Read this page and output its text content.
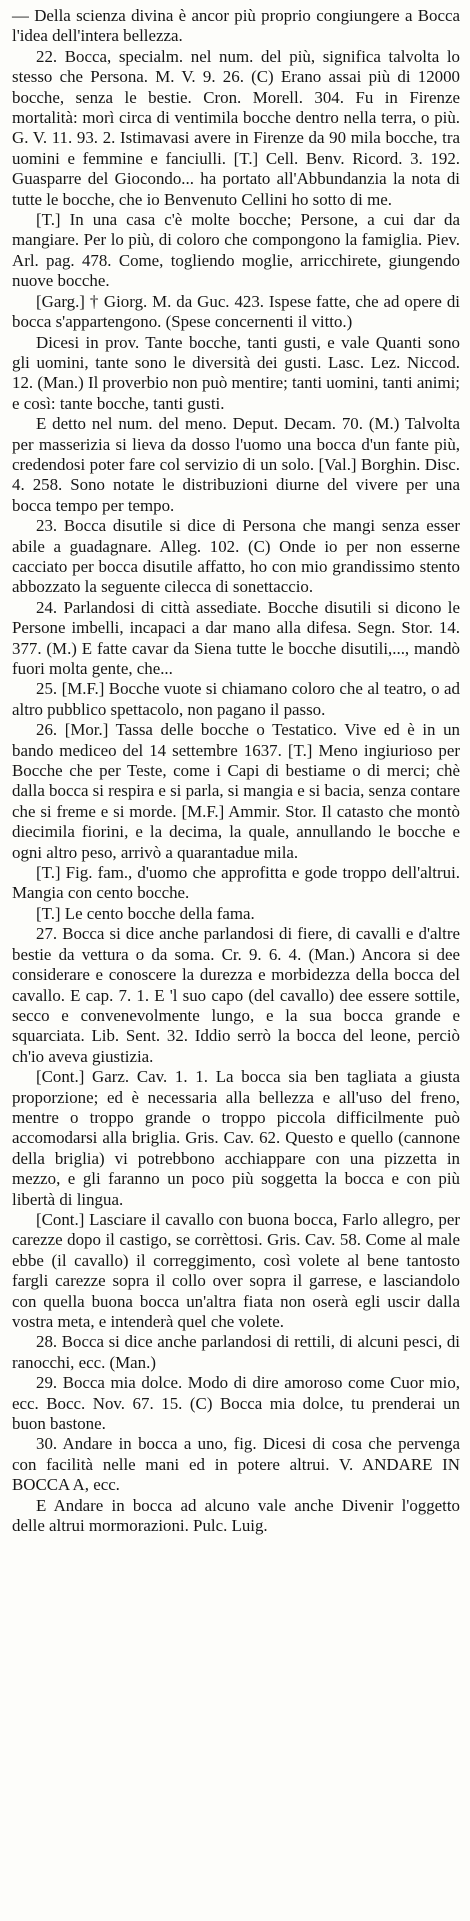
— Della scienza divina è ancor più proprio congiungere a Bocca l'idea dell'intera bellezza.

22. Bocca, specialm. nel num. del più, significa talvolta lo stesso che Persona. M. V. 9. 26. (C) Erano assai più di 12000 bocche, senza le bestie. Cron. Morell. 304. Fu in Firenze mortalità: morì circa di ventimila bocche dentro nella terra, o più. G. V. 11. 93. 2. Istimavasi avere in Firenze da 90 mila bocche, tra uomini e femmine e fanciulli. [T.] Cell. Benv. Ricord. 3. 192. Guasparre del Giocondo... ha portato all'Abbundanzia la nota di tutte le bocche, che io Benvenuto Cellini ho sotto di me.

[T.] In una casa c'è molte bocche; Persone, a cui dar da mangiare. Per lo più, di coloro che compongono la famiglia. Piev. Arl. pag. 478. Come, togliendo moglie, arricchirete, giungendo nuove bocche.

[Garg.] † Giorg. M. da Guc. 423. Ispese fatte, che ad opere di bocca s'appartengono. (Spese concernenti il vitto.)

Dicesi in prov. Tante bocche, tanti gusti, e vale Quanti sono gli uomini, tante sono le diversità dei gusti. Lasc. Lez. Niccod. 12. (Man.) Il proverbio non può mentire; tanti uomini, tanti animi; e così: tante bocche, tanti gusti.

E detto nel num. del meno. Deput. Decam. 70. (M.) Talvolta per masserizia si lieva da dosso l'uomo una bocca d'un fante più, credendosi poter fare col servizio di un solo. [Val.] Borghin. Disc. 4. 258. Sono notate le distribuzioni diurne del vivere per una bocca tempo per tempo.

23. Bocca disutile si dice di Persona che mangi senza esser abile a guadagnare. Alleg. 102. (C) Onde io per non esserne cacciato per bocca disutile affatto, ho con mio grandissimo stento abbozzato la seguente cilecca di sonettaccio.

24. Parlandosi di città assediate. Bocche disutili si dicono le Persone imbelli, incapaci a dar mano alla difesa. Segn. Stor. 14. 377. (M.) E fatte cavar da Siena tutte le bocche disutili,..., mandò fuori molta gente, che...

25. [M.F.] Bocche vuote si chiamano coloro che al teatro, o ad altro pubblico spettacolo, non pagano il passo.

26. [Mor.] Tassa delle bocche o Testatico. Vive ed è in un bando mediceo del 14 settembre 1637. [T.] Meno ingiurioso per Bocche che per Teste, come i Capi di bestiame o di merci; chè dalla bocca si respira e si parla, si mangia e si bacia, senza contare che si freme e si morde. [M.F.] Ammir. Stor. Il catasto che montò diecimila fiorini, e la decima, la quale, annullando le bocche e ogni altro peso, arrivò a quarantadue mila.

[T.] Fig. fam., d'uomo che approfitta e gode troppo dell'altrui. Mangia con cento bocche.

[T.] Le cento bocche della fama.

27. Bocca si dice anche parlandosi di fiere, di cavalli e d'altre bestie da vettura o da soma. Cr. 9. 6. 4. (Man.) Ancora si dee considerare e conoscere la durezza e morbidezza della bocca del cavallo. E cap. 7. 1. E 'l suo capo (del cavallo) dee essere sottile, secco e convenevolmente lungo, e la sua bocca grande e squarciata. Lib. Sent. 32. Iddio serrò la bocca del leone, perciò ch'io aveva giustizia.

[Cont.] Garz. Cav. 1. 1. La bocca sia ben tagliata a giusta proporzione; ed è necessaria alla bellezza e all'uso del freno, mentre o troppo grande o troppo piccola difficilmente può accomodarsi alla briglia. Gris. Cav. 62. Questo e quello (cannone della briglia) vi potrebbono acchiappare con una pizzetta in mezzo, e gli faranno un poco più soggetta la bocca e con più libertà di lingua.

[Cont.] Lasciare il cavallo con buona bocca, Farlo allegro, per carezze dopo il castigo, se corrèttosi. Gris. Cav. 58. Come al male ebbe (il cavallo) il correggimento, così volete al bene tantosto fargli carezze sopra il collo over sopra il garrese, e lasciandolo con quella buona bocca un'altra fiata non oserà egli uscir dalla vostra meta, e intenderà quel che volete.

28. Bocca si dice anche parlandosi di rettili, di alcuni pesci, di ranocchi, ecc. (Man.)

29. Bocca mia dolce. Modo di dire amoroso come Cuor mio, ecc. Bocc. Nov. 67. 15. (C) Bocca mia dolce, tu prenderai un buon bastone.

30. Andare in bocca a uno, fig. Dicesi di cosa che pervenga con facilità nelle mani ed in potere altrui. V. ANDARE IN BOCCA A, ecc.

E Andare in bocca ad alcuno vale anche Divenir l'oggetto delle altrui mormorazioni. Pulc. Luig.
